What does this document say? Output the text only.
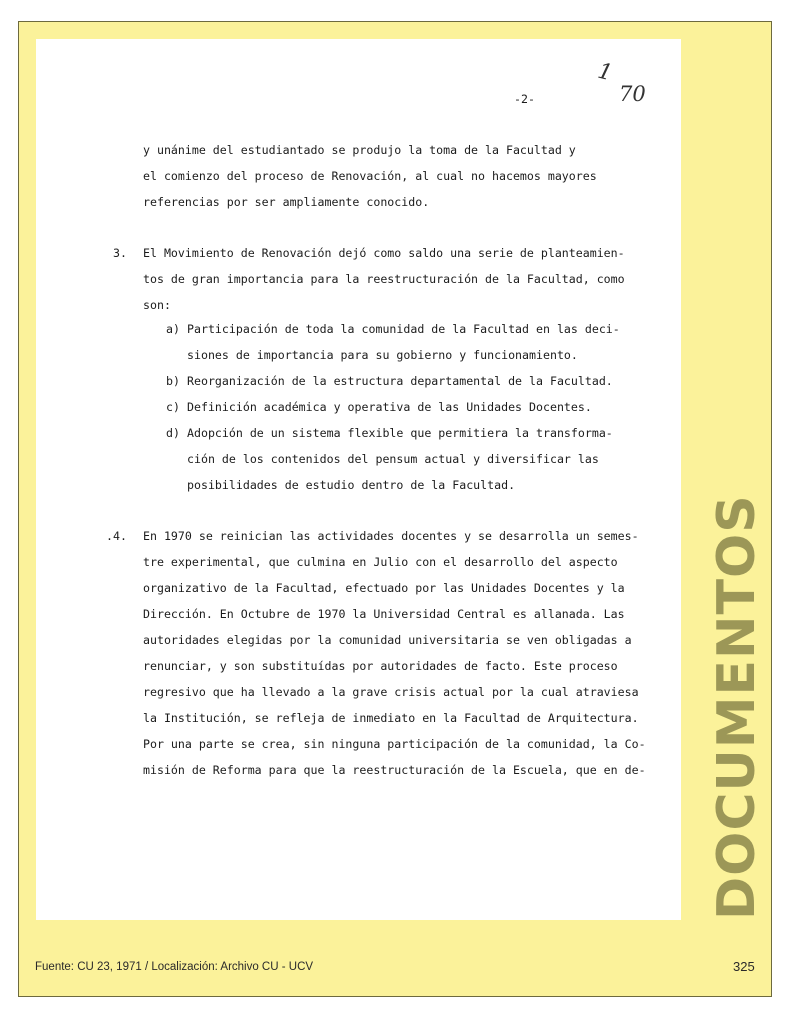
DOCUMENTOS
-2-
1
70
y unánime del estudiantado se produjo la toma de la Facultad y
el comienzo del proceso de Renovación, al cual no hacemos mayores
referencias por ser ampliamente conocido.
3. El Movimiento de Renovación dejó como saldo una serie de planteamien-
tos de gran importancia para la reestructuración de la Facultad, como
son:
a) Participación de toda la comunidad de la Facultad en las deci-
siones de importancia para su gobierno y funcionamiento.
b) Reorganización de la estructura departamental de la Facultad.
c) Definición académica y operativa de las Unidades Docentes.
d) Adopción de un sistema flexible que permitiera la transforma-
ción de los contenidos del pensum actual y diversificar las
posibilidades de estudio dentro de la Facultad.
.4. En 1970 se reinician las actividades docentes y se desarrolla un semes-
tre experimental, que culmina en Julio con el desarrollo del aspecto
organizativo de la Facultad, efectuado por las Unidades Docentes y la
Dirección. En Octubre de 1970 la Universidad Central es allanada. Las
autoridades elegidas por la comunidad universitaria se ven obligadas a
renunciar, y son substituídas por autoridades de facto. Este proceso
regresivo que ha llevado a la grave crisis actual por la cual atraviesa
la Institución, se refleja de inmediato en la Facultad de Arquitectura.
Por una parte se crea, sin ninguna participación de la comunidad, la Co-
misión de Reforma para que la reestructuración de la Escuela, que en de-
Fuente: CU 23, 1971 / Localización: Archivo CU - UCV	325
